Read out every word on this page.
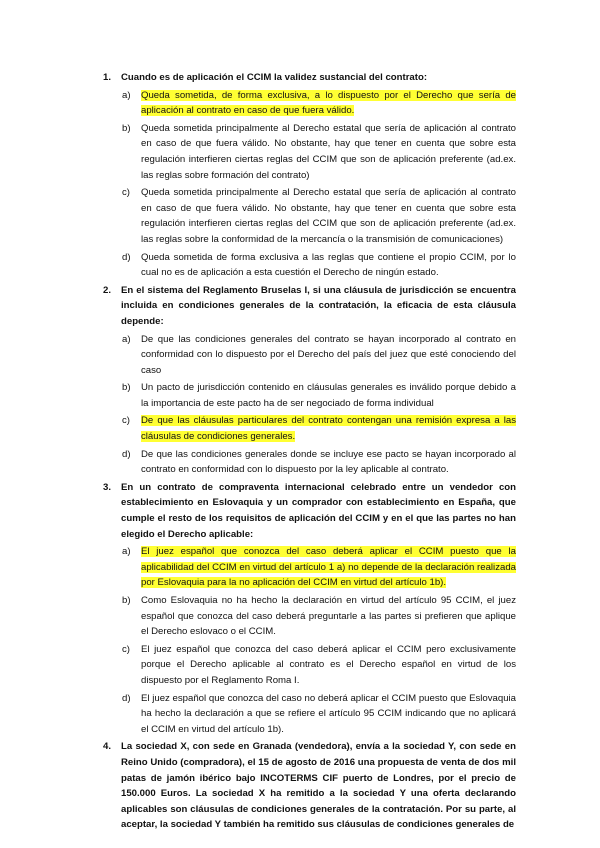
1. Cuando es de aplicación el CCIM la validez sustancial del contrato:
a) Queda sometida, de forma exclusiva, a lo dispuesto por el Derecho que sería de aplicación al contrato en caso de que fuera válido.
b) Queda sometida principalmente al Derecho estatal que sería de aplicación al contrato en caso de que fuera válido. No obstante, hay que tener en cuenta que sobre esta regulación interfieren ciertas reglas del CCIM que son de aplicación preferente (ad.ex. las reglas sobre formación del contrato)
c) Queda sometida principalmente al Derecho estatal que sería de aplicación al contrato en caso de que fuera válido. No obstante, hay que tener en cuenta que sobre esta regulación interfieren ciertas reglas del CCIM que son de aplicación preferente (ad.ex. las reglas sobre la conformidad de la mercancía o la transmisión de comunicaciones)
d) Queda sometida de forma exclusiva a las reglas que contiene el propio CCIM, por lo cual no es de aplicación a esta cuestión el Derecho de ningún estado.
2. En el sistema del Reglamento Bruselas I, si una cláusula de jurisdicción se encuentra incluida en condiciones generales de la contratación, la eficacia de esta cláusula depende:
a) De que las condiciones generales del contrato se hayan incorporado al contrato en conformidad con lo dispuesto por el Derecho del país del juez que esté conociendo del caso
b) Un pacto de jurisdicción contenido en cláusulas generales es inválido porque debido a la importancia de este pacto ha de ser negociado de forma individual
c) De que las cláusulas particulares del contrato contengan una remisión expresa a las cláusulas de condiciones generales.
d) De que las condiciones generales donde se incluye ese pacto se hayan incorporado al contrato en conformidad con lo dispuesto por la ley aplicable al contrato.
3. En un contrato de compraventa internacional celebrado entre un vendedor con establecimiento en Eslovaquia y un comprador con establecimiento en España, que cumple el resto de los requisitos de aplicación del CCIM y en el que las partes no han elegido el Derecho aplicable:
a) El juez español que conozca del caso deberá aplicar el CCIM puesto que la aplicabilidad del CCIM en virtud del artículo 1 a) no depende de la declaración realizada por Eslovaquia para la no aplicación del CCIM en virtud del artículo 1b).
b) Como Eslovaquia no ha hecho la declaración en virtud del artículo 95 CCIM, el juez español que conozca del caso deberá preguntarle a las partes si prefieren que aplique el Derecho eslovaco o el CCIM.
c) El juez español que conozca del caso deberá aplicar el CCIM pero exclusivamente porque el Derecho aplicable al contrato es el Derecho español en virtud de los dispuesto por el Reglamento Roma I.
d) El juez español que conozca del caso no deberá aplicar el CCIM puesto que Eslovaquia ha hecho la declaración a que se refiere el artículo 95 CCIM indicando que no aplicará el CCIM en virtud del artículo 1b).
4. La sociedad X, con sede en Granada (vendedora), envía a la sociedad Y, con sede en Reino Unido (compradora), el 15 de agosto de 2016 una propuesta de venta de dos mil patas de jamón ibérico bajo INCOTERMS CIF puerto de Londres, por el precio de 150.000 Euros. La sociedad X ha remitido a la sociedad Y una oferta declarando aplicables son cláusulas de condiciones generales de la contratación. Por su parte, al aceptar, la sociedad Y también ha remitido sus cláusulas de condiciones generales de
